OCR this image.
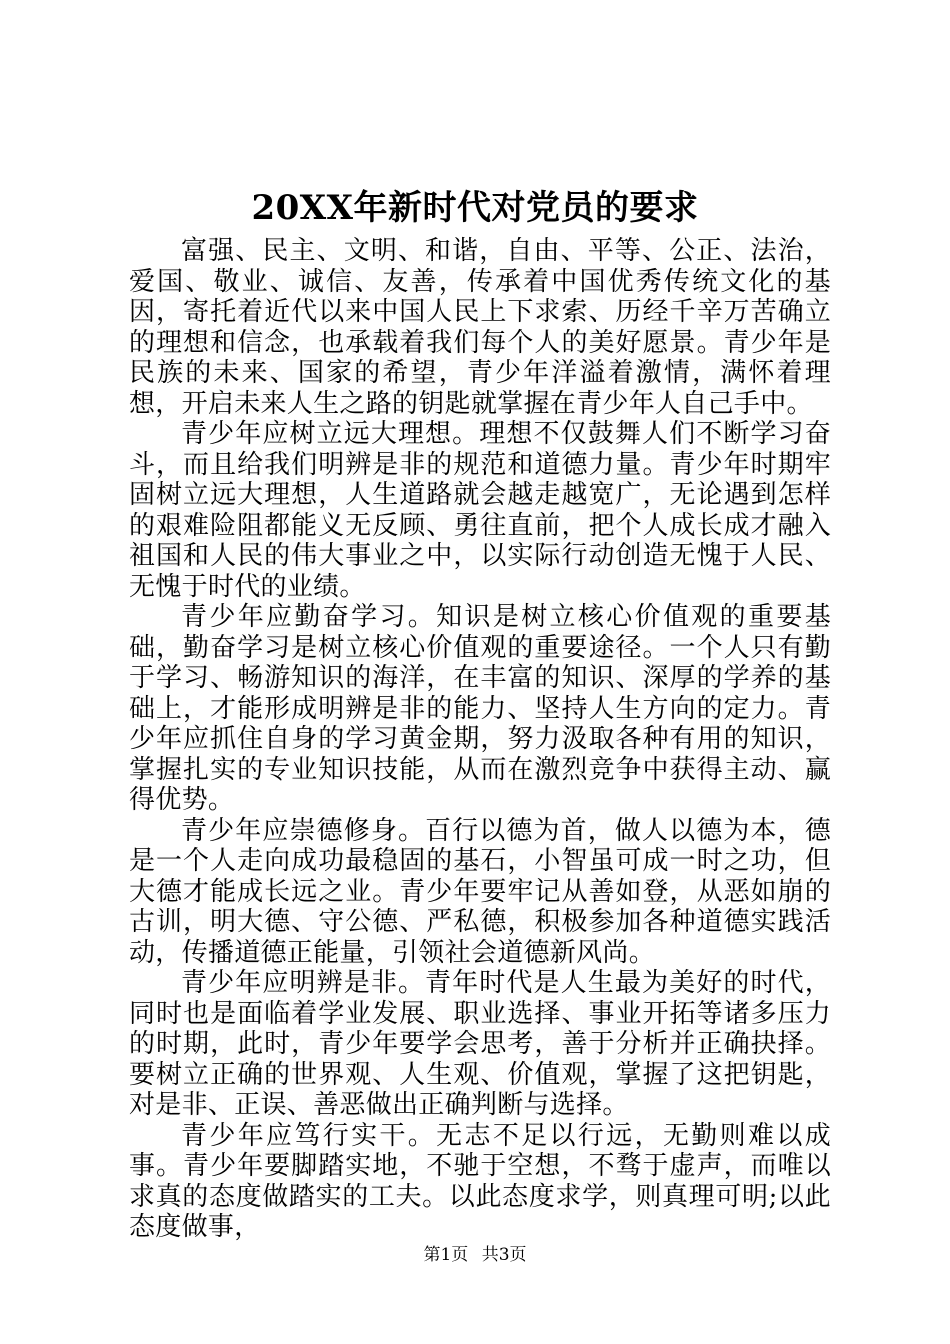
20XX年新时代对党员的要求

富强、民主、文明、和谐，自由、平等、公正、法治，爱国、敬业、诚信、友善，传承着中国优秀传统文化的基因，寄托着近代以来中国人民上下求索、历经千辛万苦确立的理想和信念，也承载着我们每个人的美好愿景。青少年是民族的未来、国家的希望，青少年洋溢着激情，满怀着理想，开启未来人生之路的钥匙就掌握在青少年人自己手中。

青少年应树立远大理想。理想不仅鼓舞人们不断学习奋斗，而且给我们明辨是非的规范和道德力量。青少年时期牢固树立远大理想，人生道路就会越走越宽广，无论遇到怎样的艰难险阻都能义无反顾、勇往直前，把个人成长成才融入祖国和人民的伟大事业之中，以实际行动创造无愧于人民、无愧于时代的业绩。

青少年应勤奋学习。知识是树立核心价值观的重要基础，勤奋学习是树立核心价值观的重要途径。一个人只有勤于学习、畅游知识的海洋，在丰富的知识、深厚的学养的基础上，才能形成明辨是非的能力、坚持人生方向的定力。青少年应抓住自身的学习黄金期，努力汲取各种有用的知识，掌握扎实的专业知识技能，从而在激烈竞争中获得主动、赢得优势。

青少年应崇德修身。百行以德为首，做人以德为本，德是一个人走向成功最稳固的基石，小智虽可成一时之功，但大德才能成长远之业。青少年要牢记从善如登，从恶如崩的古训，明大德、守公德、严私德，积极参加各种道德实践活动，传播道德正能量，引领社会道德新风尚。

青少年应明辨是非。青年时代是人生最为美好的时代，同时也是面临着学业发展、职业选择、事业开拓等诸多压力的时期，此时，青少年要学会思考，善于分析并正确抉择。要树立正确的世界观、人生观、价值观，掌握了这把钥匙，对是非、正误、善恶做出正确判断与选择。

青少年应笃行实干。无志不足以行远，无勤则难以成事。青少年要脚踏实地，不驰于空想，不骛于虚声，而唯以求真的态度做踏实的工夫。以此态度求学，则真理可明;以此态度做事，

第1页 共3页
